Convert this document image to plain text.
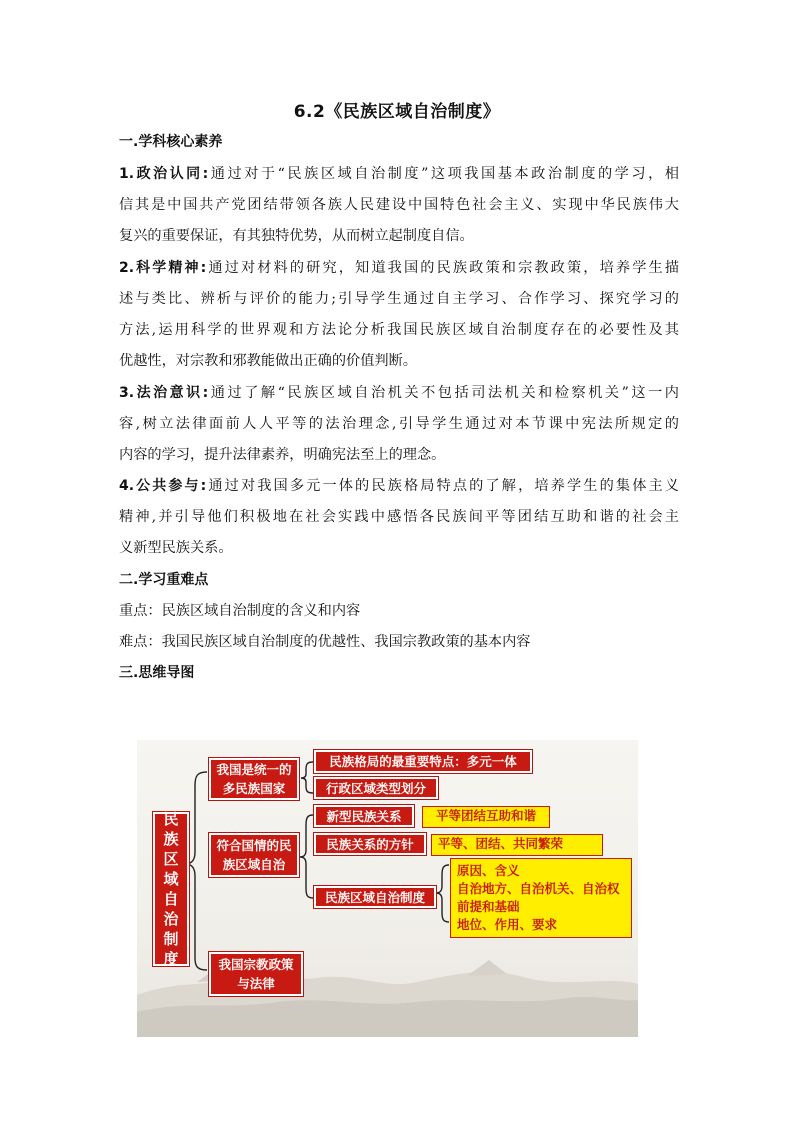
6.2《民族区域自治制度》
一.学科核心素养
1.政治认同:通过对于“民族区域自治制度”这项我国基本政治制度的学习，相
信其是中国共产党团结带领各族人民建设中国特色社会主义、实现中华民族伟大
复兴的重要保证，有其独特优势，从而树立起制度自信。
2.科学精神:通过对材料的研究，知道我国的民族政策和宗教政策，培养学生描
述与类比、辨析与评价的能力;引导学生通过自主学习、合作学习、探究学习的
方法,运用科学的世界观和方法论分析我国民族区域自治制度存在的必要性及其
优越性，对宗教和邪教能做出正确的价值判断。
3.法治意识:通过了解“民族区域自治机关不包括司法机关和检察机关”这一内
容,树立法律面前人人平等的法治理念,引导学生通过对本节课中宪法所规定的
内容的学习，提升法律素养，明确宪法至上的理念。
4.公共参与:通过对我国多元一体的民族格局特点的了解，培养学生的集体主义
精神,并引导他们积极地在社会实践中感悟各民族间平等团结互助和谐的社会主
义新型民族关系。
二.学习重难点
重点：民族区域自治制度的含义和内容
难点：我国民族区域自治制度的优越性、我国宗教政策的基本内容
三.思维导图
民
族
区
域
自
治
制
度
我国是统一的
多民族国家
民族格局的最重要特点：多元一体
行政区域类型划分
符合国情的民
族区域自治
新型民族关系
民族关系的方针
民族区域自治制度
平等团结互助和谐
平等、团结、共同繁荣
原因、含义
自治地方、自治机关、自治权
前提和基础
地位、作用、要求
我国宗教政策
与法律
